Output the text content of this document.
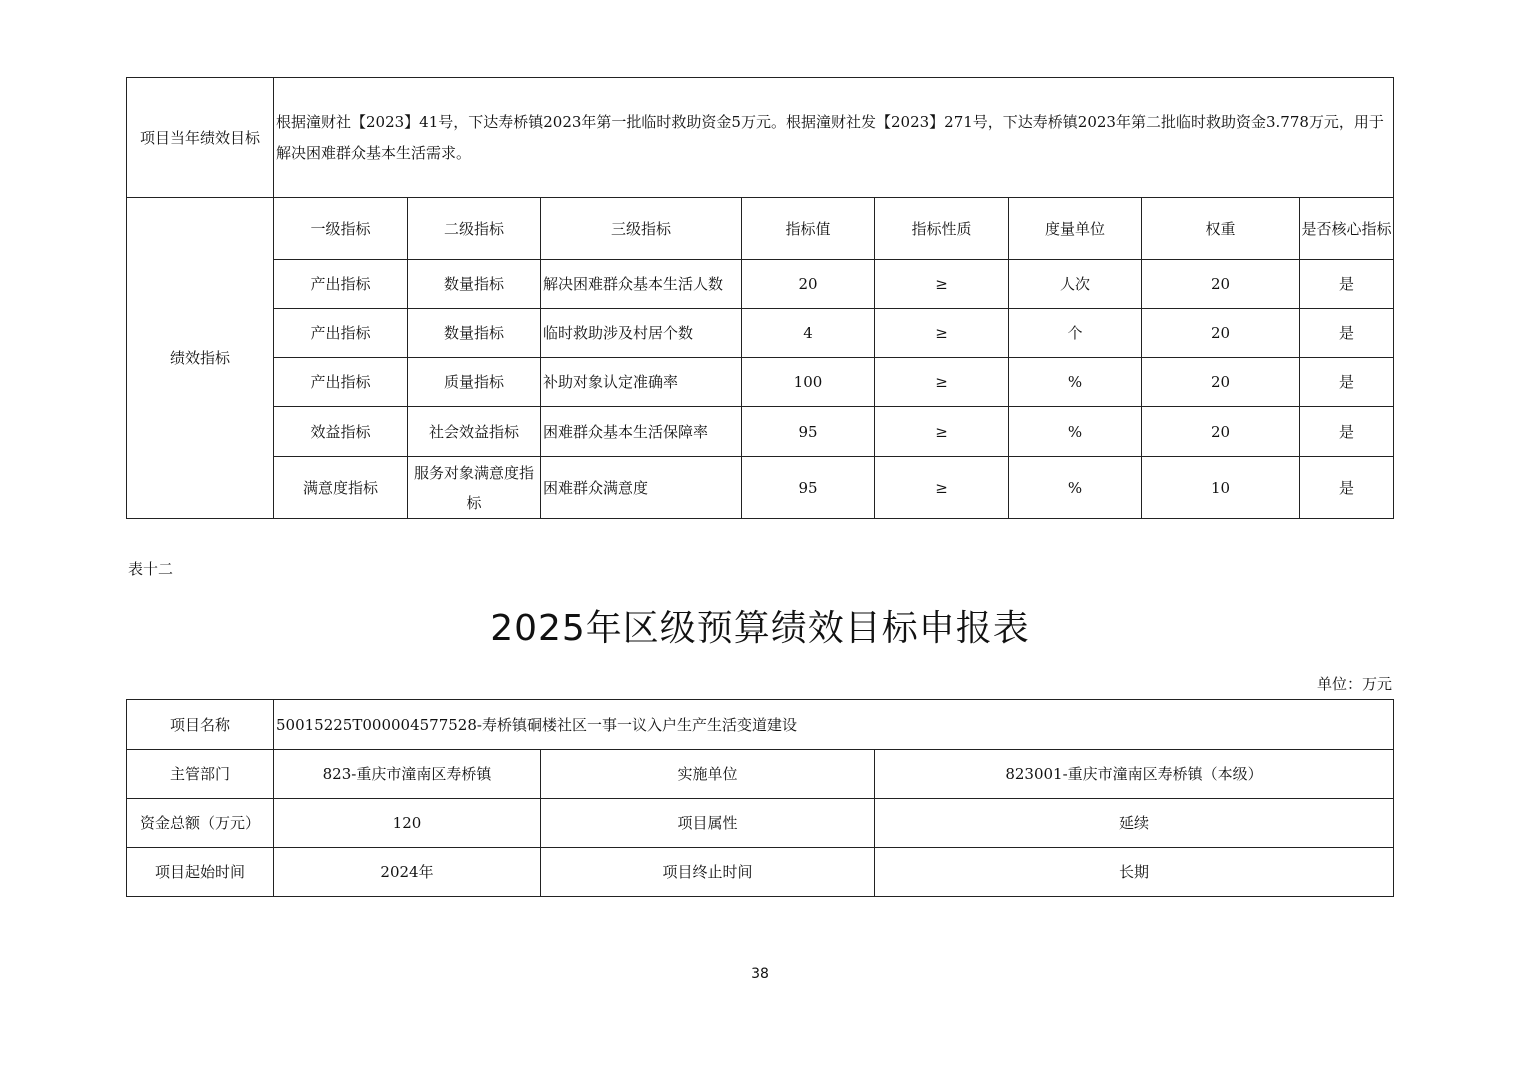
项目当年绩效目标	根据潼财社【2023】41号，下达寿桥镇2023年第一批临时救助资金5万元。根据潼财社发【2023】271号，下达寿桥镇2023年第二批临时救助资金3.778万元，用于解决困难群众基本生活需求。							
绩效指标	一级指标	二级指标	三级指标	指标值	指标性质	度量单位	权重	是否核心指标
	产出指标	数量指标	解决困难群众基本生活人数	20	≥	人次	20	是
	产出指标	数量指标	临时救助涉及村居个数	4	≥	个	20	是
	产出指标	质量指标	补助对象认定准确率	100	≥	%	20	是
	效益指标	社会效益指标	困难群众基本生活保障率	95	≥	%	20	是
	满意度指标	服务对象满意度指标	困难群众满意度	95	≥	%	10	是
表十二
2025年区级预算绩效目标申报表
单位：万元
项目名称	50015225T000004577528-寿桥镇硐楼社区一事一议入户生产生活变道建设		
主管部门	823-重庆市潼南区寿桥镇	实施单位	823001-重庆市潼南区寿桥镇（本级）
资金总额（万元）	120	项目属性	延续
项目起始时间	2024年	项目终止时间	长期
38
